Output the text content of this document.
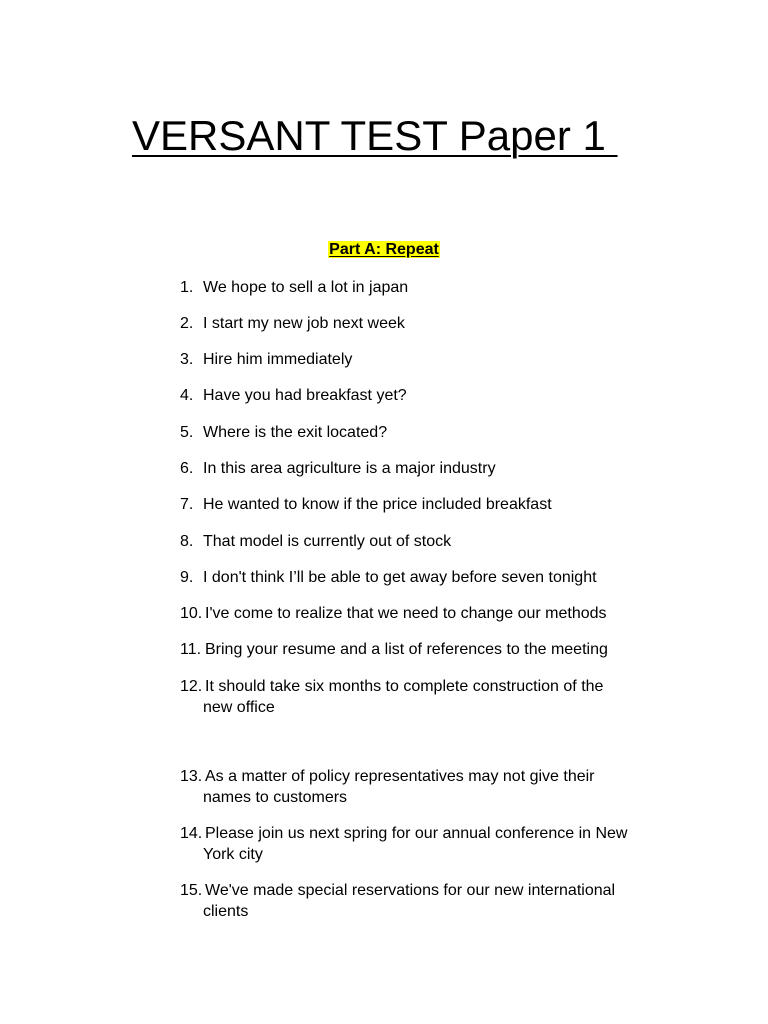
VERSANT TEST Paper 1
Part A: Repeat
1. We hope to sell a lot in japan
2. I start my new job next week
3. Hire him immediately
4. Have you had breakfast yet?
5. Where is the exit located?
6. In this area agriculture is a major industry
7. He wanted to know if the price included breakfast
8. That model is currently out of stock
9. I don't think I’ll be able to get away before seven tonight
10. I've come to realize that we need to change our methods
11. Bring your resume and a list of references to the meeting
12. It should take six months to complete construction of the
new office
13. As a matter of policy representatives may not give their
names to customers
14. Please join us next spring for our annual conference in New
York city
15. We've made special reservations for our new international
clients
